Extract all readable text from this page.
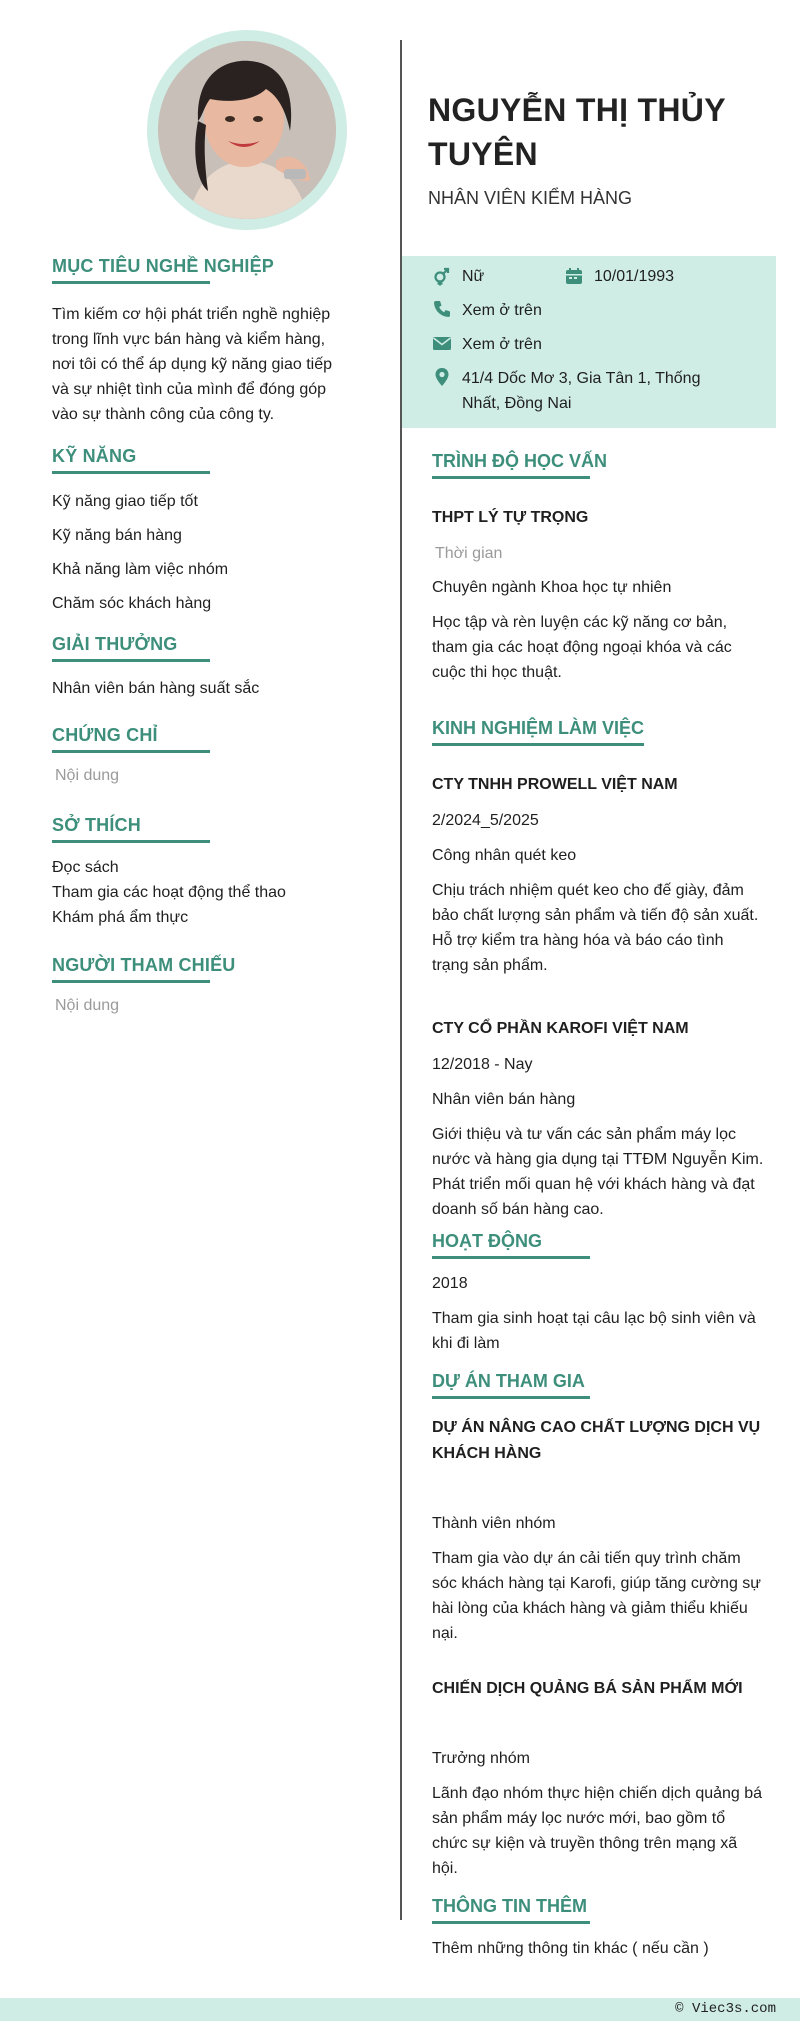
MỤC TIÊU NGHỀ NGHIỆP
Tìm kiếm cơ hội phát triển nghề nghiệp trong lĩnh vực bán hàng và kiểm hàng, nơi tôi có thể áp dụng kỹ năng giao tiếp và sự nhiệt tình của mình để đóng góp vào sự thành công của công ty.
KỸ NĂNG
Kỹ năng giao tiếp tốt
Kỹ năng bán hàng
Khả năng làm việc nhóm
Chăm sóc khách hàng
GIẢI THƯỞNG
Nhân viên bán hàng suất sắc
CHỨNG CHỈ
Nội dung
SỞ THÍCH
Đọc sách
Tham gia các hoạt động thể thao
Khám phá ẩm thực
NGƯỜI THAM CHIẾU
Nội dung
NGUYỄN THỊ THỦY TUYÊN
NHÂN VIÊN KIỂM HÀNG
Nữ	10/01/1993
Xem ở trên
Xem ở trên
41/4 Dốc Mơ 3, Gia Tân 1, Thống Nhất, Đồng Nai
TRÌNH ĐỘ HỌC VẤN
THPT LÝ TỰ TRỌNG
Thời gian
Chuyên ngành Khoa học tự nhiên
Học tập và rèn luyện các kỹ năng cơ bản, tham gia các hoạt động ngoại khóa và các cuộc thi học thuật.
KINH NGHIỆM LÀM VIỆC
CTY TNHH PROWELL VIỆT NAM
2/2024_5/2025
Công nhân quét keo
Chịu trách nhiệm quét keo cho đế giày, đảm bảo chất lượng sản phẩm và tiến độ sản xuất. Hỗ trợ kiểm tra hàng hóa và báo cáo tình trạng sản phẩm.
CTY CỔ PHẦN KAROFI VIỆT NAM
12/2018 - Nay
Nhân viên bán hàng
Giới thiệu và tư vấn các sản phẩm máy lọc nước và hàng gia dụng tại TTĐM Nguyễn Kim. Phát triển mối quan hệ với khách hàng và đạt doanh số bán hàng cao.
HOẠT ĐỘNG
2018
Tham gia sinh hoạt tại câu lạc bộ sinh viên và khi đi làm
DỰ ÁN THAM GIA
DỰ ÁN NÂNG CAO CHẤT LƯỢNG DỊCH VỤ KHÁCH HÀNG
Thành viên nhóm
Tham gia vào dự án cải tiến quy trình chăm sóc khách hàng tại Karofi, giúp tăng cường sự hài lòng của khách hàng và giảm thiểu khiếu nại.
CHIẾN DỊCH QUẢNG BÁ SẢN PHẨM MỚI
Trưởng nhóm
Lãnh đạo nhóm thực hiện chiến dịch quảng bá sản phẩm máy lọc nước mới, bao gồm tổ chức sự kiện và truyền thông trên mạng xã hội.
THÔNG TIN THÊM
Thêm những thông tin khác ( nếu cần )
© Viec3s.com
